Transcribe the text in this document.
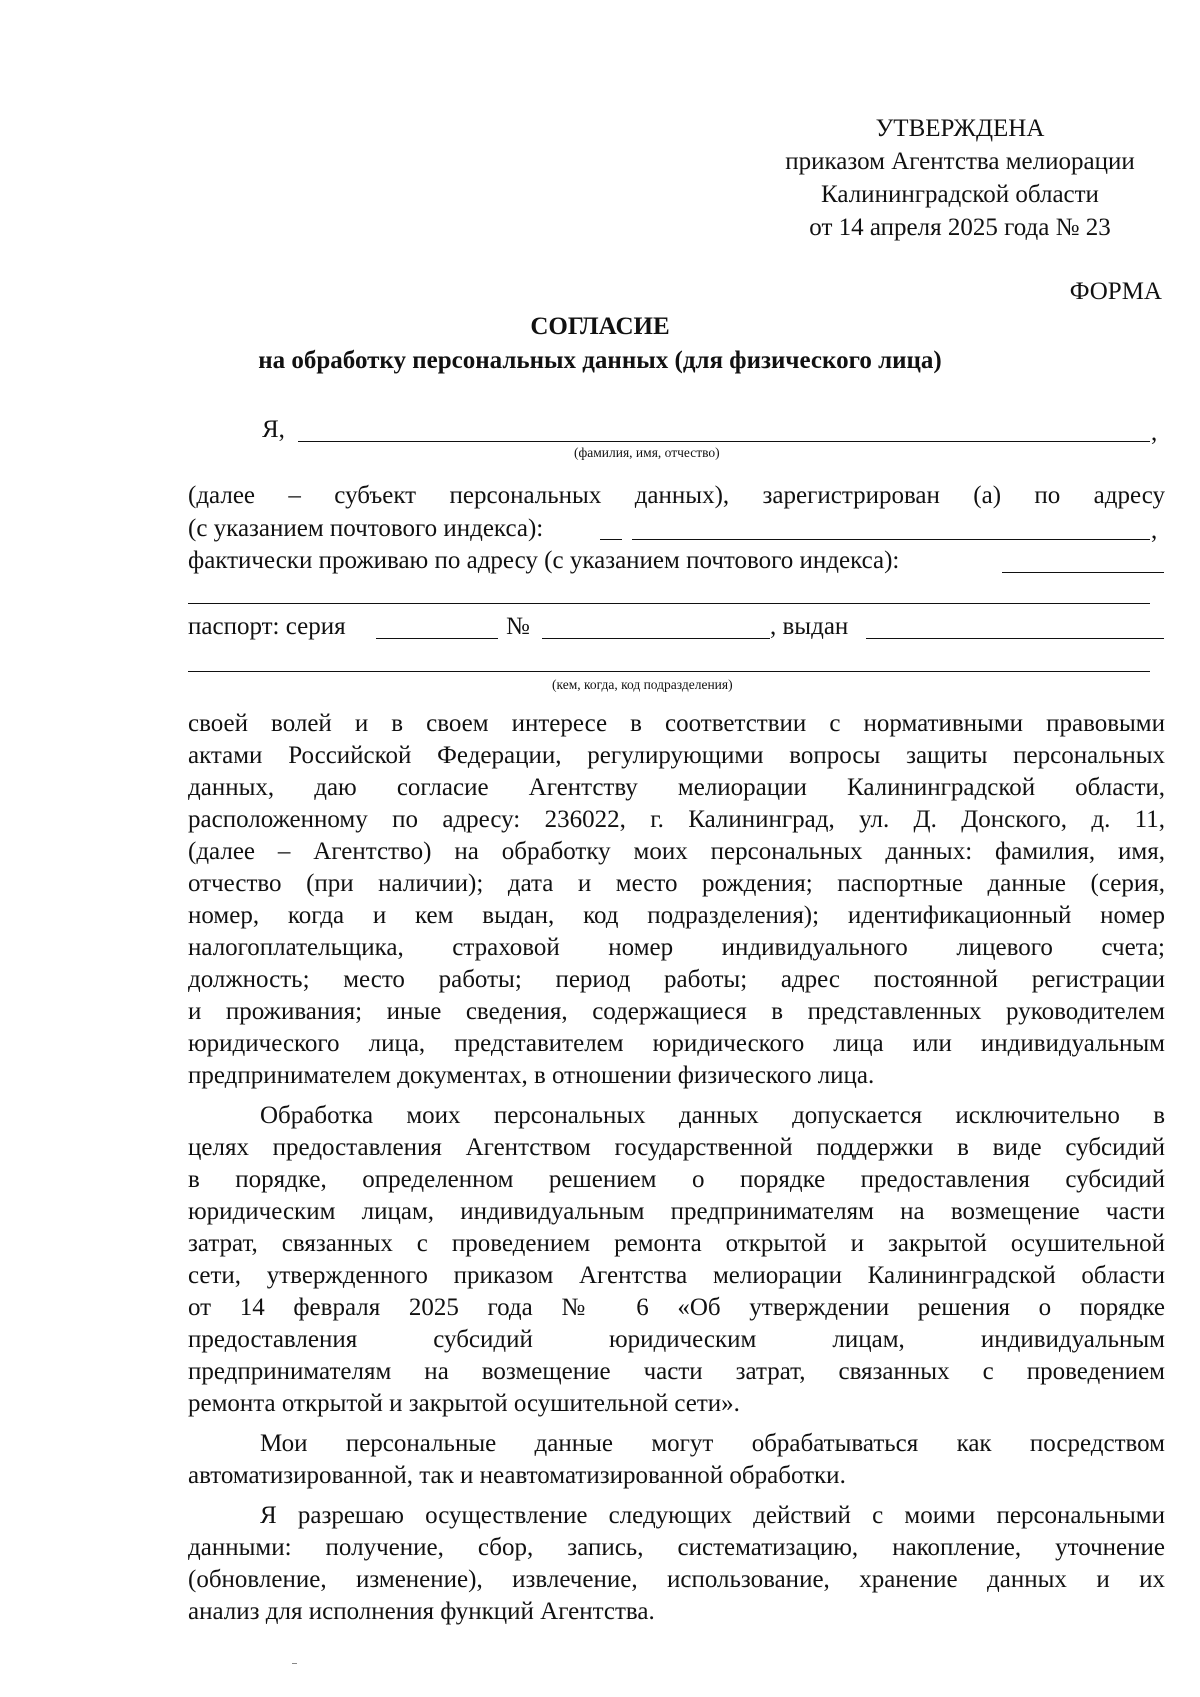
УТВЕРЖДЕНА
приказом Агентства мелиорации
Калининградской области
от 14 апреля 2025 года № 23
ФОРМА
СОГЛАСИЕ
на обработку персональных данных (для физического лица)
Я,	,
(фамилия, имя, отчество)
(далее – субъект персональных данных), зарегистрирован (а) по адресу
(с указанием почтового индекса):	,
фактически проживаю по адресу (с указанием почтового индекса):
паспорт: серия	№	, выдан
(кем, когда, код подразделения)
своей волей и в своем интересе в соответствии с нормативными правовыми
актами Российской Федерации, регулирующими вопросы защиты персональных
данных, даю согласие Агентству мелиорации Калининградской области,
расположенному по адресу: 236022, г. Калининград, ул. Д. Донского, д. 11,
(далее – Агентство) на обработку моих персональных данных: фамилия, имя,
отчество (при наличии); дата и место рождения; паспортные данные (серия,
номер, когда и кем выдан, код подразделения); идентификационный номер
налогоплательщика, страховой номер индивидуального лицевого счета;
должность; место работы; период работы; адрес постоянной регистрации
и проживания; иные сведения, содержащиеся в представленных руководителем
юридического лица, представителем юридического лица или индивидуальным
предпринимателем документах, в отношении физического лица.
Обработка моих персональных данных допускается исключительно в
целях предоставления Агентством государственной поддержки в виде субсидий
в порядке, определенном решением о порядке предоставления субсидий
юридическим лицам, индивидуальным предпринимателям на возмещение части
затрат, связанных с проведением ремонта открытой и закрытой осушительной
сети, утвержденного приказом Агентства мелиорации Калининградской области
от 14 февраля 2025 года № 6 «Об утверждении решения о порядке
предоставления субсидий юридическим лицам, индивидуальным
предпринимателям на возмещение части затрат, связанных с проведением
ремонта открытой и закрытой осушительной сети».
Мои персональные данные могут обрабатываться как посредством
автоматизированной, так и неавтоматизированной обработки.
Я разрешаю осуществление следующих действий с моими персональными
данными: получение, сбор, запись, систематизацию, накопление, уточнение
(обновление, изменение), извлечение, использование, хранение данных и их
анализ для исполнения функций Агентства.
